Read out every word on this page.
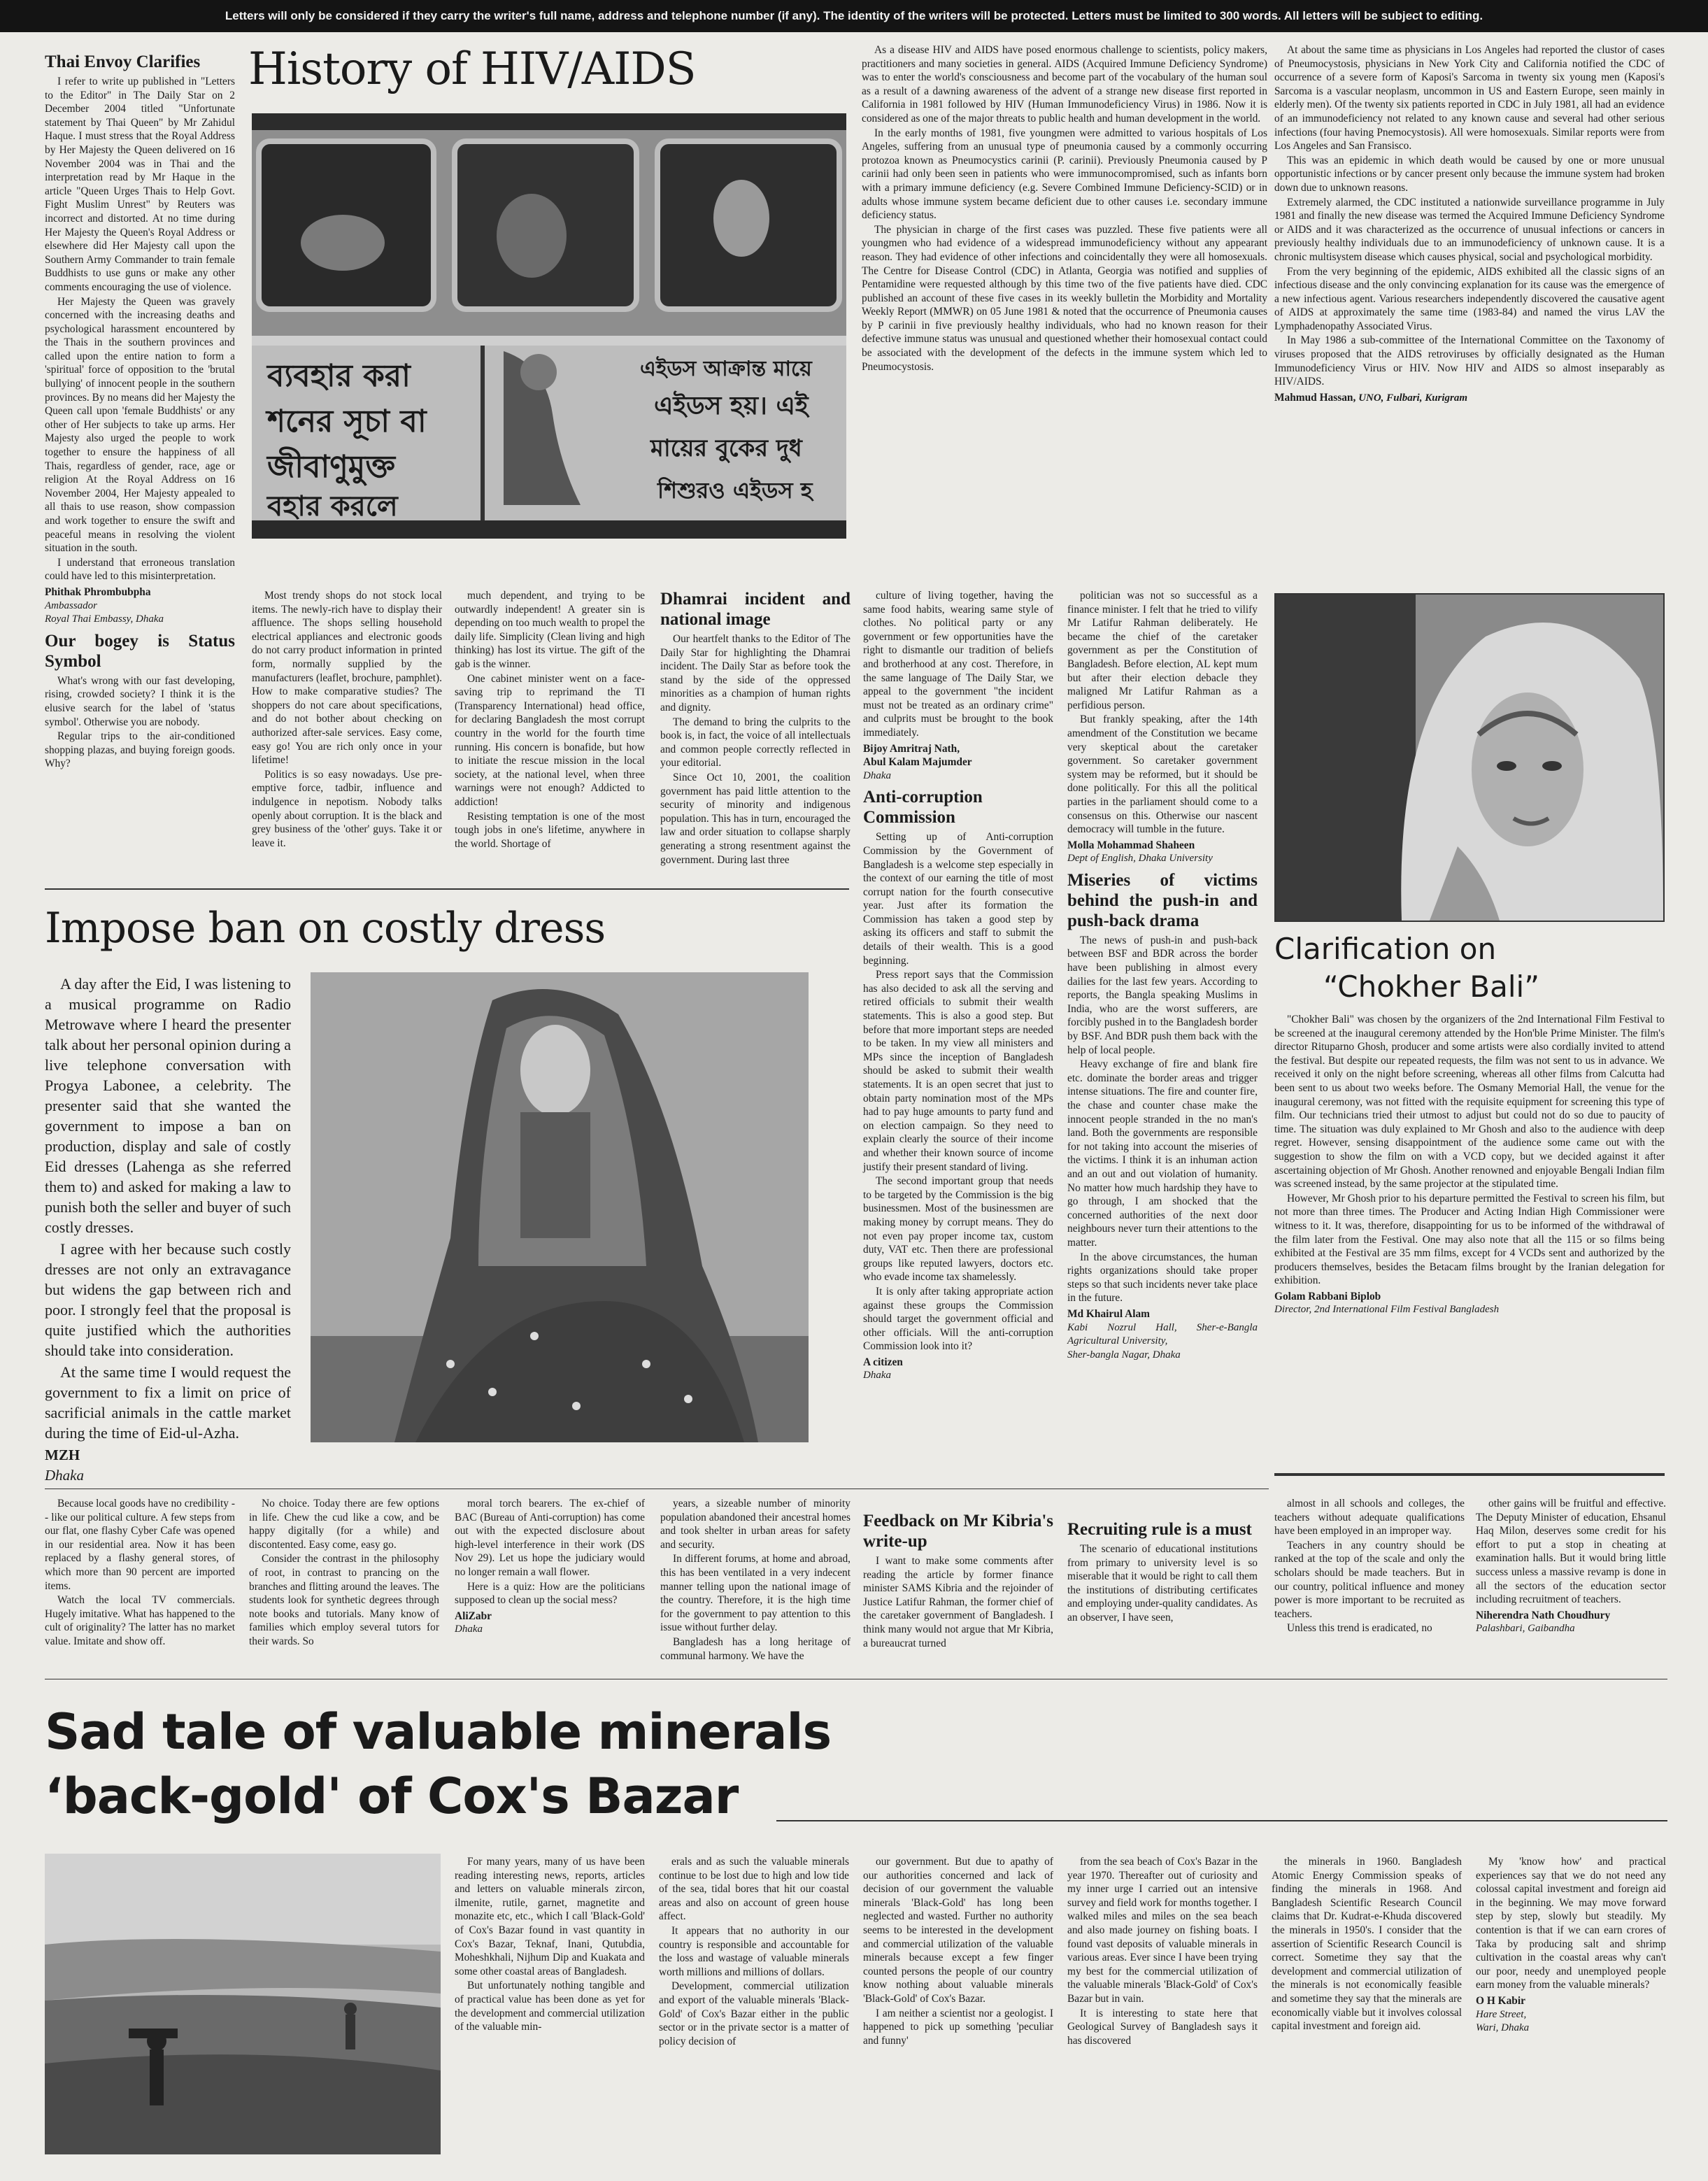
Letters will only be considered if they carry the writer's full name, address and telephone number (if any). The identity of the writers will be protected. Letters must be limited to 300 words. All letters will be subject to editing.
Thai Envoy Clarifies

I refer to write up published in "Letters to the Editor" in The Daily Star on 2 December 2004 titled "Unfortunate statement by Thai Queen" by Mr Zahidul Haque. I must stress that the Royal Address by Her Majesty the Queen delivered on 16 November 2004 was in Thai and the interpretation read by Mr Haque in the article "Queen Urges Thais to Help Govt. Fight Muslim Unrest" by Reuters was incorrect and distorted. At no time during Her Majesty the Queen's Royal Address or elsewhere did Her Majesty call upon the Southern Army Commander to train female Buddhists to use guns or make any other comments encouraging the use of violence.

Her Majesty the Queen was gravely concerned with the increasing deaths and psychological harassment encountered by the Thais in the southern provinces and called upon the entire nation to form a 'spiritual' force of opposition to the 'brutal bullying' of innocent people in the southern provinces. By no means did her Majesty the Queen call upon 'female Buddhists' or any other of Her subjects to take up arms. Her Majesty also urged the people to work together to ensure the happiness of all Thais, regardless of gender, race, age or religion At the Royal Address on 16 November 2004, Her Majesty appealed to all thais to use reason, show compassion and work together to ensure the swift and peaceful means in resolving the violent situation in the south.

I understand that erroneous translation could have led to this misinterpretation.

Phithak Phrombubpha
Ambassador
Royal Thai Embassy, Dhaka
Our bogey is Status Symbol

What's wrong with our fast developing, rising, crowded society? I think it is the elusive search for the label of 'status symbol'. Otherwise you are nobody.

Regular trips to the air-conditioned shopping plazas, and buying foreign goods. Why?

History of HIV/AIDS
ব্যবহার করা
শনের সূচা বা
জীবাণুমুক্ত
বহার করলে
এইডস আক্রান্ত মায়ে
এইডস হয়। এই
মায়ের বুকের দুধ
শিশুরও এইডস হ

As a disease HIV and AIDS have posed enormous challenge to scientists, policy makers, practitioners and many societies in general. AIDS (Acquired Immune Deficiency Syndrome) was to enter the world's consciousness and become part of the vocabulary of the human soul as a result of a dawning awareness of the advent of a strange new disease first reported in California in 1981 followed by HIV (Human Immunodeficiency Virus) in 1986. Now it is considered as one of the major threats to public health and human development in the world.

In the early months of 1981, five youngmen were admitted to various hospitals of Los Angeles, suffering from an unusual type of pneumonia caused by a commonly occurring protozoa known as Pneumocystics carinii (P. carinii). Previously Pneumonia caused by P carinii had only been seen in patients who were immunocompromised, such as infants born with a primary immune deficiency (e.g. Severe Combined Immune Deficiency-SCID) or in adults whose immune system became deficient due to other causes i.e. secondary immune deficiency status.

The physician in charge of the first cases was puzzled. These five patients were all youngmen who had evidence of a widespread immunodeficiency without any appearant reason. They had evidence of other infections and coincidentally they were all homosexuals. The Centre for Disease Control (CDC) in Atlanta, Georgia was notified and supplies of Pentamidine were requested although by this time two of the five patients have died. CDC published an account of these five cases in its weekly bulletin the Morbidity and Mortality Weekly Report (MMWR) on 05 June 1981 & noted that the occurrence of Pneumonia causes by P carinii in five previously healthy individuals, who had no known reason for their defective immune status was unusual and questioned whether their homosexual contact could be associated with the development of the defects in the immune system which led to Pneumocystosis.

At about the same time as physicians in Los Angeles had reported the clustor of cases of Pneumocystosis, physicians in New York City and California notified the CDC of occurrence of a severe form of Kaposi's Sarcoma in twenty six young men (Kaposi's Sarcoma is a vascular neoplasm, uncommon in US and Eastern Europe, seen mainly in elderly men). Of the twenty six patients reported in CDC in July 1981, all had an evidence of an immunodeficiency not related to any known cause and several had other serious infections (four having Pnemocystosis). All were homosexuals. Similar reports were from Los Angeles and San Fransisco.

This was an epidemic in which death would be caused by one or more unusual opportunistic infections or by cancer present only because the immune system had broken down due to unknown reasons.

Extremely alarmed, the CDC instituted a nationwide surveillance programme in July 1981 and finally the new disease was termed the Acquired Immune Deficiency Syndrome or AIDS and it was characterized as the occurrence of unusual infections or cancers in previously healthy individuals due to an immunodeficiency of unknown cause. It is a chronic multisystem disease which causes physical, social and psychological morbidity.

From the very beginning of the epidemic, AIDS exhibited all the classic signs of an infectious disease and the only convincing explanation for its cause was the emergence of a new infectious agent. Various researchers independently discovered the causative agent of AIDS at approximately the same time (1983-84) and named the virus LAV the Lymphadenopathy Associated Virus.

In May 1986 a sub-committee of the International Committee on the Taxonomy of viruses proposed that the AIDS retroviruses by officially designated as the Human Immunodeficiency Virus or HIV. Now HIV and AIDS so almost inseparably as HIV/AIDS.

Mahmud Hassan, UNO, Fulbari, Kurigram

Most trendy shops do not stock local items. The newly-rich have to display their affluence. The shops selling household electrical appliances and electronic goods do not carry product information in printed form, normally supplied by the manufacturers (leaflet, brochure, pamphlet). How to make comparative studies? The shoppers do not care about specifications, and do not bother about checking on authorized after-sale services. Easy come, easy go! You are rich only once in your lifetime!

Politics is so easy nowadays. Use pre-emptive force, tadbir, influence and indulgence in nepotism. Nobody talks openly about corruption. It is the black and grey business of the 'other' guys. Take it or leave it.

much dependent, and trying to be outwardly independent! A greater sin is depending on too much wealth to propel the daily life. Simplicity (Clean living and high thinking) has lost its virtue. The gift of the gab is the winner.

One cabinet minister went on a face-saving trip to reprimand the TI (Transparency International) head office, for declaring Bangladesh the most corrupt country in the world for the fourth time running. His concern is bonafide, but how to initiate the rescue mission in the local society, at the national level, when three warnings were not enough? Addicted to addiction!

Resisting temptation is one of the most tough jobs in one's lifetime, anywhere in the world. Shortage of

Dhamrai incident and national image

Our heartfelt thanks to the Editor of The Daily Star for highlighting the Dhamrai incident. The Daily Star as before took the stand by the side of the oppressed minorities as a champion of human rights and dignity.

The demand to bring the culprits to the book is, in fact, the voice of all intellectuals and common people correctly reflected in your editorial.

Since Oct 10, 2001, the coalition government has paid little attention to the security of minority and indigenous population. This has in turn, encouraged the law and order situation to collapse sharply generating a strong resentment against the government. During last three

culture of living together, having the same food habits, wearing same style of clothes. No political party or any government or few opportunities have the right to dismantle our tradition of beliefs and brotherhood at any cost. Therefore, in the same language of The Daily Star, we appeal to the government "the incident must not be treated as an ordinary crime" and culprits must be brought to the book immediately.

Bijoy Amritraj Nath,
Abul Kalam Majumder
Dhaka
Anti-corruption Commission

Setting up of Anti-corruption Commission by the Government of Bangladesh is a welcome step especially in the context of our earning the title of most corrupt nation for the fourth consecutive year. Just after its formation the Commission has taken a good step by asking its officers and staff to submit the details of their wealth. This is a good beginning.

Press report says that the Commission has also decided to ask all the serving and retired officials to submit their wealth statements. This is also a good step. But before that more important steps are needed to be taken. In my view all ministers and MPs since the inception of Bangladesh should be asked to submit their wealth statements. It is an open secret that just to obtain party nomination most of the MPs had to pay huge amounts to party fund and on election campaign. So they need to explain clearly the source of their income and whether their known source of income justify their present standard of living.

The second important group that needs to be targeted by the Commission is the big businessmen. Most of the businessmen are making money by corrupt means. They do not even pay proper income tax, custom duty, VAT etc. Then there are professional groups like reputed lawyers, doctors etc. who evade income tax shamelessly.

It is only after taking appropriate action against these groups the Commission should target the government official and other officials. Will the anti-corruption Commission look into it?

A citizen
Dhaka

politician was not so successful as a finance minister. I felt that he tried to vilify Mr Latifur Rahman deliberately. He became the chief of the caretaker government as per the Constitution of Bangladesh. Before election, AL kept mum but after their election debacle they maligned Mr Latifur Rahman as a perfidious person.

But frankly speaking, after the 14th amendment of the Constitution we became very skeptical about the caretaker government. So caretaker government system may be reformed, but it should be done politically. For this all the political parties in the parliament should come to a consensus on this. Otherwise our nascent democracy will tumble in the future.

Molla Mohammad Shaheen
Dept of English, Dhaka University
Miseries of victims behind the push-in and push-back drama

The news of push-in and push-back between BSF and BDR across the border have been publishing in almost every dailies for the last few years. According to reports, the Bangla speaking Muslims in India, who are the worst sufferers, are forcibly pushed in to the Bangladesh border by BSF. And BDR push them back with the help of local people.

Heavy exchange of fire and blank fire etc. dominate the border areas and trigger intense situations. The fire and counter fire, the chase and counter chase make the innocent people stranded in the no man's land. Both the governments are responsible for not taking into account the miseries of the victims. I think it is an inhuman action and an out and out violation of humanity. No matter how much hardship they have to go through, I am shocked that the concerned authorities of the next door neighbours never turn their attentions to the matter.

In the above circumstances, the human rights organizations should take proper steps so that such incidents never take place in the future.

Md Khairul Alam
Kabi Nozrul Hall, Sher-e-Bangla Agricultural University,
Sher-bangla Nagar, Dhaka
Clarification on
“Chokher Bali”

"Chokher Bali" was chosen by the organizers of the 2nd International Film Festival to be screened at the inaugural ceremony attended by the Hon'ble Prime Minister. The film's director Rituparno Ghosh, producer and some artists were also cordially invited to attend the festival. But despite our repeated requests, the film was not sent to us in advance. We received it only on the night before screening, whereas all other films from Calcutta had been sent to us about two weeks before. The Osmany Memorial Hall, the venue for the inaugural ceremony, was not fitted with the requisite equipment for screening this type of film. Our technicians tried their utmost to adjust but could not do so due to paucity of time. The situation was duly explained to Mr Ghosh and also to the audience with deep regret. However, sensing disappointment of the audience some came out with the suggestion to show the film on with a VCD copy, but we decided against it after ascertaining objection of Mr Ghosh. Another renowned and enjoyable Bengali Indian film was screened instead, by the same projector at the stipulated time.

However, Mr Ghosh prior to his departure permitted the Festival to screen his film, but not more than three times. The Producer and Acting Indian High Commissioner were witness to it. It was, therefore, disappointing for us to be informed of the withdrawal of the film later from the Festival. One may also note that all the 115 or so films being exhibited at the Festival are 35 mm films, except for 4 VCDs sent and authorized by the producers themselves, besides the Betacam films brought by the Iranian delegation for exhibition.

Golam Rabbani Biplob
Director, 2nd International Film Festival Bangladesh
Impose ban on costly dress

A day after the Eid, I was listening to a musical programme on Radio Metrowave where I heard the presenter talk about her personal opinion during a live telephone conversation with Progya Labonee, a celebrity. The presenter said that she wanted the government to impose a ban on production, display and sale of costly Eid dresses (Lahenga as she referred them to) and asked for making a law to punish both the seller and buyer of such costly dresses.

I agree with her because such costly dresses are not only an extravagance but widens the gap between rich and poor. I strongly feel that the proposal is quite justified which the authorities should take into consideration.

At the same time I would request the government to fix a limit on price of sacrificial animals in the cattle market during the time of Eid-ul-Azha.

MZH
Dhaka

Because local goods have no credibility -- like our political culture. A few steps from our flat, one flashy Cyber Cafe was opened in our residential area. Now it has been replaced by a flashy general stores, of which more than 90 percent are imported items.

Watch the local TV commercials. Hugely imitative. What has happened to the cult of originality? The latter has no market value. Imitate and show off.

No choice. Today there are few options in life. Chew the cud like a cow, and be happy digitally (for a while) and discontented. Easy come, easy go.

Consider the contrast in the philosophy of root, in contrast to prancing on the branches and flitting around the leaves. The students look for synthetic degrees through note books and tutorials. Many know of families which employ several tutors for their wards. So

moral torch bearers. The ex-chief of BAC (Bureau of Anti-corruption) has come out with the expected disclosure about high-level interference in their work (DS Nov 29). Let us hope the judiciary would no longer remain a wall flower.

Here is a quiz: How are the politicians supposed to clean up the social mess?

AliZabr
Dhaka

years, a sizeable number of minority population abandoned their ancestral homes and took shelter in urban areas for safety and security.

In different forums, at home and abroad, this has been ventilated in a very indecent manner telling upon the national image of the country. Therefore, it is the high time for the government to pay attention to this issue without further delay.

Bangladesh has a long heritage of communal harmony. We have the

Feedback on Mr Kibria's write-up

I want to make some comments after reading the article by former finance minister SAMS Kibria and the rejoinder of Justice Latifur Rahman, the former chief of the caretaker government of Bangladesh. I think many would not argue that Mr Kibria, a bureaucrat turned

Recruiting rule is a must

The scenario of educational institutions from primary to university level is so miserable that it would be right to call them the institutions of distributing certificates and employing under-quality candidates. As an observer, I have seen,

almost in all schools and colleges, the teachers without adequate qualifications have been employed in an improper way.

Teachers in any country should be ranked at the top of the scale and only the scholars should be made teachers. But in our country, political influence and money power is more important to be recruited as teachers.

Unless this trend is eradicated, no

other gains will be fruitful and effective. The Deputy Minister of education, Ehsanul Haq Milon, deserves some credit for his effort to put a stop in cheating at examination halls. But it would bring little success unless a massive revamp is done in all the sectors of the education sector including recruitment of teachers.

Niherendra Nath Choudhury
Palashbari, Gaibandha
Sad tale of valuable minerals
‘back-gold' of Cox's Bazar

For many years, many of us have been reading interesting news, reports, articles and letters on valuable minerals zircon, ilmenite, rutile, garnet, magnetite and monazite etc, etc., which I call 'Black-Gold' of Cox's Bazar found in vast quantity in Cox's Bazar, Teknaf, Inani, Qutubdia, Moheshkhali, Nijhum Dip and Kuakata and some other coastal areas of Bangladesh.

But unfortunately nothing tangible and of practical value has been done as yet for the development and commercial utilization of the valuable min-

erals and as such the valuable minerals continue to be lost due to high and low tide of the sea, tidal bores that hit our coastal areas and also on account of green house affect.

It appears that no authority in our country is responsible and accountable for the loss and wastage of valuable minerals worth millions and millions of dollars.

Development, commercial utilization and export of the valuable minerals 'Black-Gold' of Cox's Bazar either in the public sector or in the private sector is a matter of policy decision of

our government. But due to apathy of our authorities concerned and lack of decision of our government the valuable minerals 'Black-Gold' has long been neglected and wasted. Further no authority seems to be interested in the development and commercial utilization of the valuable minerals because except a few finger counted persons the people of our country know nothing about valuable minerals 'Black-Gold' of Cox's Bazar.

I am neither a scientist nor a geologist. I happened to pick up something 'peculiar and funny'

from the sea beach of Cox's Bazar in the year 1970. Thereafter out of curiosity and my inner urge I carried out an intensive survey and field work for months together. I walked miles and miles on the sea beach and also made journey on fishing boats. I found vast deposits of valuable minerals in various areas. Ever since I have been trying my best for the commercial utilization of the valuable minerals 'Black-Gold' of Cox's Bazar but in vain.

It is interesting to state here that Geological Survey of Bangladesh says it has discovered

the minerals in 1960. Bangladesh Atomic Energy Commission speaks of finding the minerals in 1968. And Bangladesh Scientific Research Council claims that Dr. Kudrat-e-Khuda discovered the minerals in 1950's. I consider that the assertion of Scientific Research Council is correct. Sometime they say that the development and commercial utilization of the minerals is not economically feasible and sometime they say that the minerals are economically viable but it involves colossal capital investment and foreign aid.

My 'know how' and practical experiences say that we do not need any colossal capital investment and foreign aid in the beginning. We may move forward step by step, slowly but steadily. My contention is that if we can earn crores of Taka by producing salt and shrimp cultivation in the coastal areas why can't our poor, needy and unemployed people earn money from the valuable minerals?

O H Kabir
Hare Street,
Wari, Dhaka
